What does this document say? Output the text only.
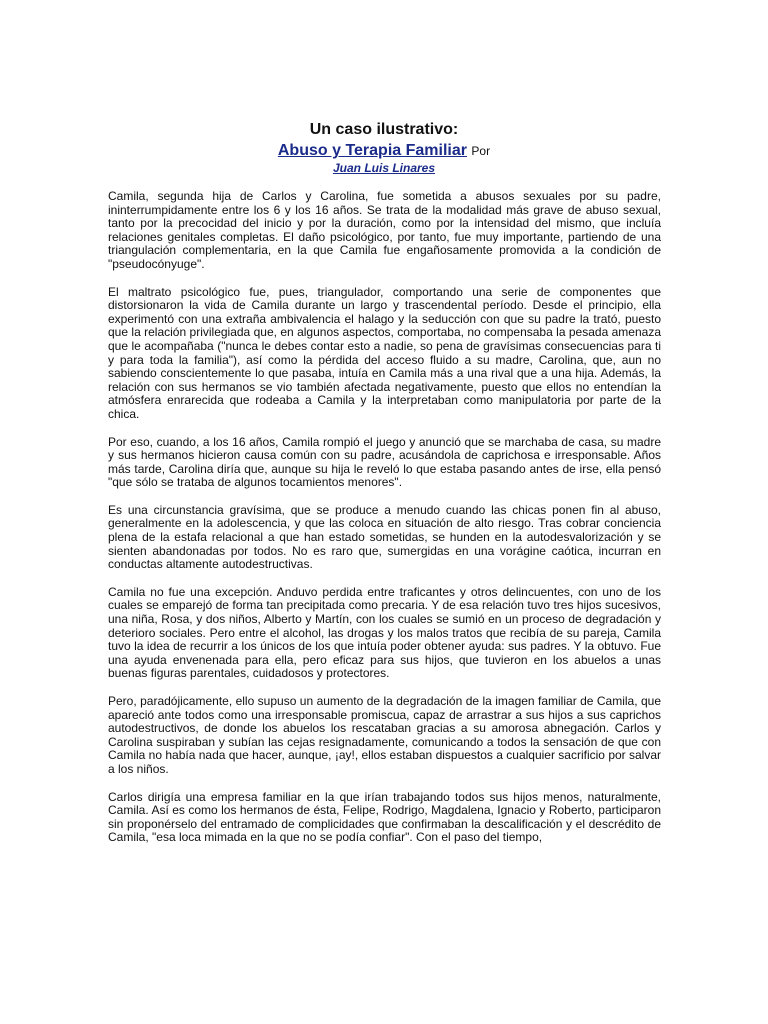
Un caso ilustrativo:

Abuso y Terapia Familiar Por

Juan Luis Linares

Camila, segunda hija de Carlos y Carolina, fue sometida a abusos sexuales por su padre, ininterrumpidamente entre los 6 y los 16 años. Se trata de la modalidad más grave de abuso sexual, tanto por la precocidad del inicio y por la duración, como por la intensidad del mismo, que incluía relaciones genitales completas. El daño psicológico, por tanto, fue muy importante, partiendo de una triangulación complementaria, en la que Camila fue engañosamente promovida a la condición de "pseudocónyuge".

El maltrato psicológico fue, pues, triangulador, comportando una serie de componentes que distorsionaron la vida de Camila durante un largo y trascendental período. Desde el principio, ella experimentó con una extraña ambivalencia el halago y la seducción con que su padre la trató, puesto que la relación privilegiada que, en algunos aspectos, comportaba, no compensaba la pesada amenaza que le acompañaba ("nunca le debes contar esto a nadie, so pena de gravísimas consecuencias para ti y para toda la familia"), así como la pérdida del acceso fluido a su madre, Carolina, que, aun no sabiendo conscientemente lo que pasaba, intuía en Camila más a una rival que a una hija. Además, la relación con sus hermanos se vio también afectada negativamente, puesto que ellos no entendían la atmósfera enrarecida que rodeaba a Camila y la interpretaban como manipulatoria por parte de la chica.

Por eso, cuando, a los 16 años, Camila rompió el juego y anunció que se marchaba de casa, su madre y sus hermanos hicieron causa común con su padre, acusándola de caprichosa e irresponsable. Años más tarde, Carolina diría que, aunque su hija le reveló lo que estaba pasando antes de irse, ella pensó "que sólo se trataba de algunos tocamientos menores".

Es una circunstancia gravísima, que se produce a menudo cuando las chicas ponen fin al abuso, generalmente en la adolescencia, y que las coloca en situación de alto riesgo. Tras cobrar conciencia plena de la estafa relacional a que han estado sometidas, se hunden en la autodesvalorización y se sienten abandonadas por todos. No es raro que, sumergidas en una vorágine caótica, incurran en conductas altamente autodestructivas.

Camila no fue una excepción. Anduvo perdida entre traficantes y otros delincuentes, con uno de los cuales se emparejó de forma tan precipitada como precaria. Y de esa relación tuvo tres hijos sucesivos, una niña, Rosa, y dos niños, Alberto y Martín, con los cuales se sumió en un proceso de degradación y deterioro sociales. Pero entre el alcohol, las drogas y los malos tratos que recibía de su pareja, Camila tuvo la idea de recurrir a los únicos de los que intuía poder obtener ayuda: sus padres. Y la obtuvo. Fue una ayuda envenenada para ella, pero eficaz para sus hijos, que tuvieron en los abuelos a unas buenas figuras parentales, cuidadosos y protectores.

Pero, paradójicamente, ello supuso un aumento de la degradación de la imagen familiar de Camila, que apareció ante todos como una irresponsable promiscua, capaz de arrastrar a sus hijos a sus caprichos autodestructivos, de donde los abuelos los rescataban gracias a su amorosa abnegación. Carlos y Carolina suspiraban y subían las cejas resignadamente, comunicando a todos la sensación de que con Camila no había nada que hacer, aunque, ¡ay!, ellos estaban dispuestos a cualquier sacrificio por salvar a los niños.

Carlos dirigía una empresa familiar en la que irían trabajando todos sus hijos menos, naturalmente, Camila. Así es como los hermanos de ésta, Felipe, Rodrigo, Magdalena, Ignacio y Roberto, participaron sin proponérselo del entramado de complicidades que confirmaban la descalificación y el descrédito de Camila, "esa loca mimada en la que no se podía confiar". Con el paso del tiempo,
